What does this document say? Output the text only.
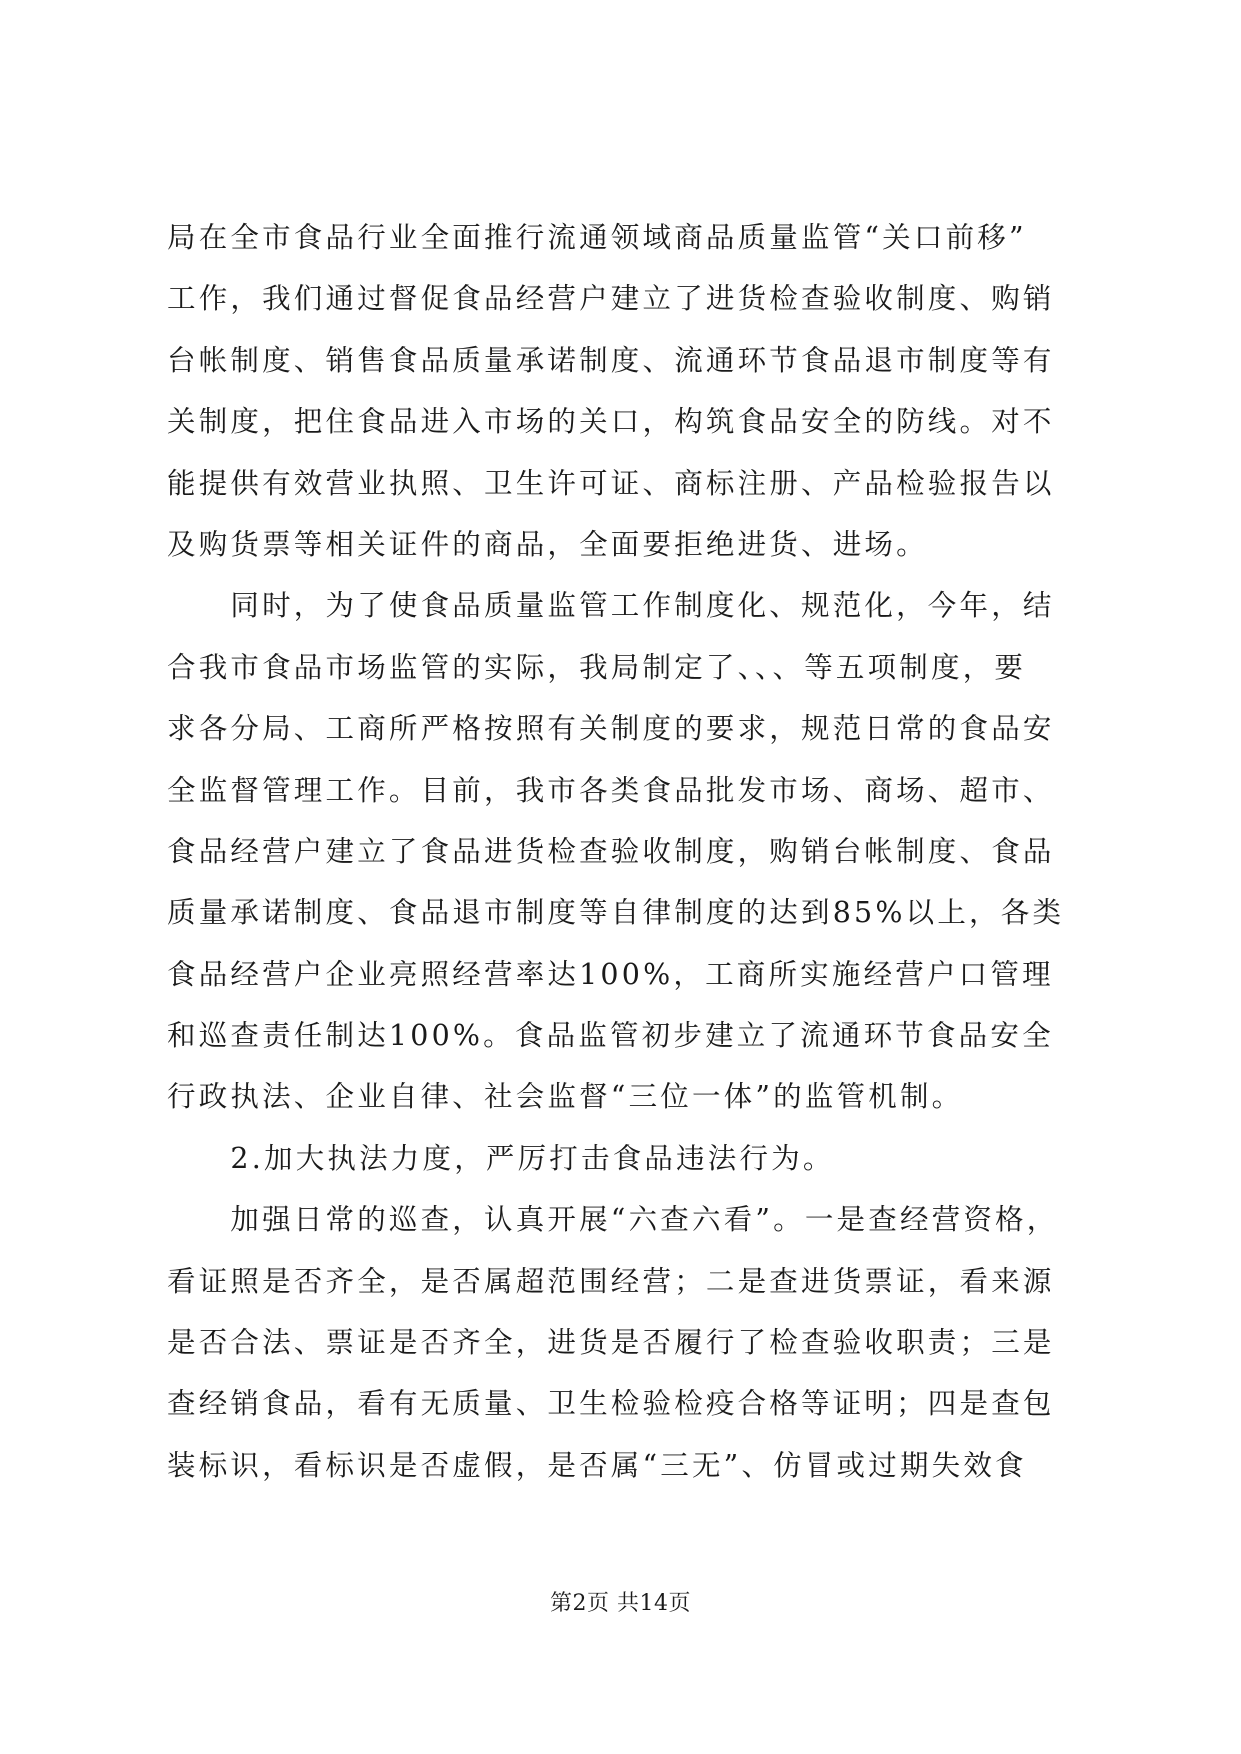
局在全市食品行业全面推行流通领域商品质量监管“关口前移”
工作，我们通过督促食品经营户建立了进货检查验收制度、购销
台帐制度、销售食品质量承诺制度、流通环节食品退市制度等有
关制度，把住食品进入市场的关口，构筑食品安全的防线。对不
能提供有效营业执照、卫生许可证、商标注册、产品检验报告以
及购货票等相关证件的商品，全面要拒绝进货、进场。
　　同时，为了使食品质量监管工作制度化、规范化，今年，结
合我市食品市场监管的实际，我局制定了、、、等五项制度，要
求各分局、工商所严格按照有关制度的要求，规范日常的食品安
全监督管理工作。目前，我市各类食品批发市场、商场、超市、
食品经营户建立了食品进货检查验收制度，购销台帐制度、食品
质量承诺制度、食品退市制度等自律制度的达到85%以上，各类
食品经营户企业亮照经营率达100%，工商所实施经营户口管理
和巡查责任制达100%。食品监管初步建立了流通环节食品安全
行政执法、企业自律、社会监督“三位一体”的监管机制。
　　2.加大执法力度，严厉打击食品违法行为。
　　加强日常的巡查，认真开展“六查六看”。一是查经营资格，
看证照是否齐全，是否属超范围经营；二是查进货票证，看来源
是否合法、票证是否齐全，进货是否履行了检查验收职责；三是
查经销食品，看有无质量、卫生检验检疫合格等证明；四是查包
装标识，看标识是否虚假，是否属“三无”、仿冒或过期失效食
第2页 共14页
